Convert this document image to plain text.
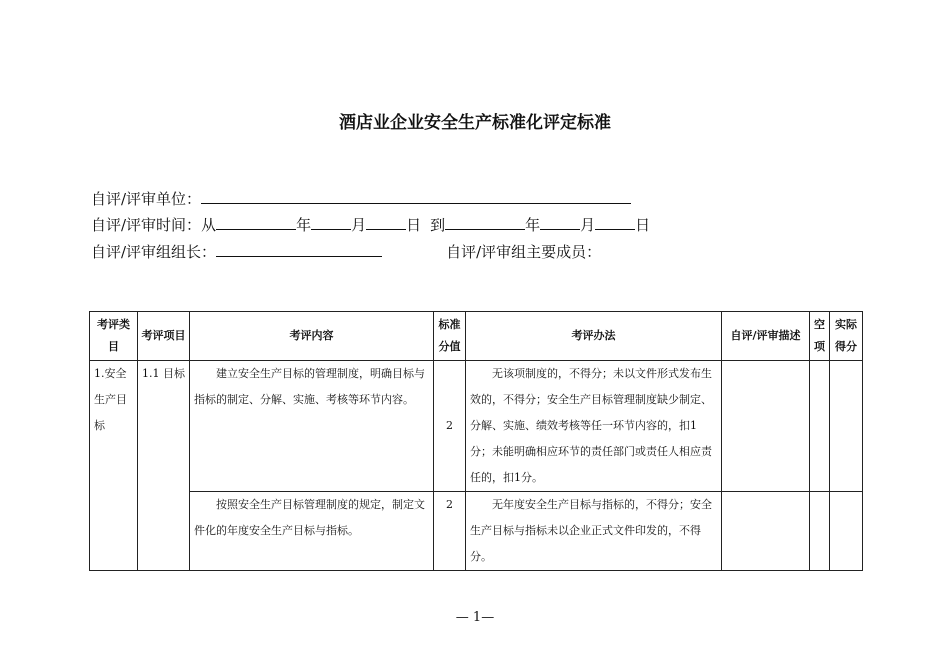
酒店业企业安全生产标准化评定标准
自评/评审单位：
自评/评审时间：从	年	月	日 到	年	月	日
自评/评审组组长：	自评/评审组主要成员：
考评类目	考评项目	考评内容	标准分值	考评办法	自评/评审描述	空项	实际得分
1.安全生产目标	1.1 目标	建立安全生产目标的管理制度，明确目标与指标的制定、分解、实施、考核等环节内容。	2	无该项制度的，不得分；未以文件形式发布生效的，不得分；安全生产目标管理制度缺少制定、分解、实施、绩效考核等任一环节内容的，扣1分；未能明确相应环节的责任部门或责任人相应责任的，扣1分。			
		按照安全生产目标管理制度的规定，制定文件化的年度安全生产目标与指标。	2	无年度安全生产目标与指标的，不得分；安全生产目标与指标未以企业正式文件印发的，不得分。			
— 1—
